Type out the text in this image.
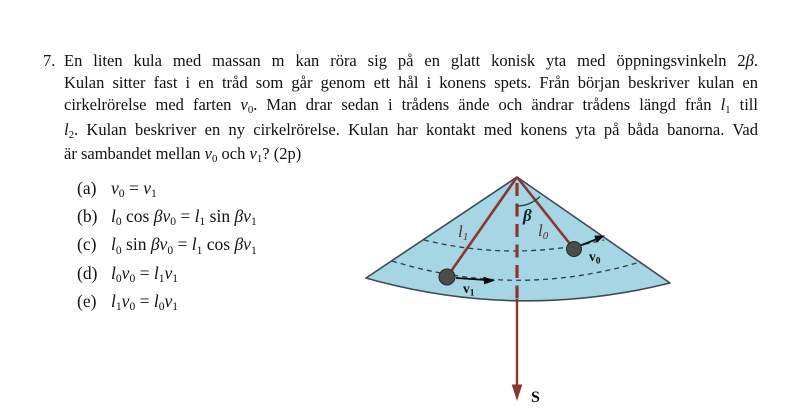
7. En liten kula med massan m kan röra sig på en glatt konisk yta med öppningsvinkeln 2β.
Kulan sitter fast i en tråd som går genom ett hål i konens spets. Från början beskriver kulan en
cirkelrörelse med farten v0. Man drar sedan i trådens ände och ändrar trådens längd från l1 till
l2. Kulan beskriver en ny cirkelrörelse. Kulan har kontakt med konens yta på båda banorna. Vad
är sambandet mellan v0 och v1? (2p)
(a) v0 = v1
(b) l0 cos βv0 = l1 sin βv1
(c) l0 sin βv0 = l1 cos βv1
(d) l0v0 = l1v1
(e) l1v0 = l0v1
l1	l0
β
v1
v0
S
